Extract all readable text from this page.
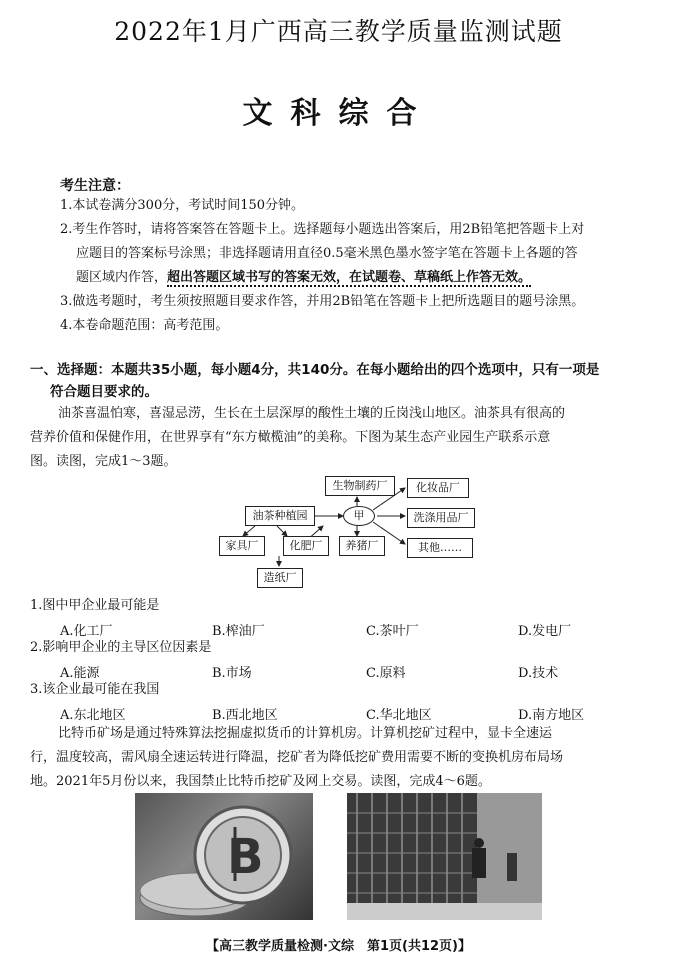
2022年1月广西高三教学质量监测试题
文科综合
考生注意：
1.本试卷满分300分，考试时间150分钟。
2.考生作答时，请将答案答在答题卡上。选择题每小题选出答案后，用2B铅笔把答题卡上对
应题目的答案标号涂黑；非选择题请用直径0.5毫米黑色墨水签字笔在答题卡上各题的答
题区域内作答，超出答题区域书写的答案无效，在试题卷、草稿纸上作答无效。
3.做选考题时，考生须按照题目要求作答，并用2B铅笔在答题卡上把所选题目的题号涂黑。
4.本卷命题范围：高考范围。
一、选择题：本题共35小题，每小题4分，共140分。在每小题给出的四个选项中，只有一项是
符合题目要求的。
油茶喜温怕寒，喜湿忌涝，生长在土层深厚的酸性土壤的丘岗浅山地区。油茶具有很高的
营养价值和保健作用，在世界享有“东方橄榄油”的美称。下图为某生态产业园生产联系示意
图。读图，完成1～3题。
生物制药厂
油茶种植园	甲
家具厂	化肥厂	养猪厂
造纸厂
化妆品厂
洗涤用品厂
其他……
1.图中甲企业最可能是
A.化工厂	B.榨油厂	C.茶叶厂	D.发电厂
2.影响甲企业的主导区位因素是
A.能源	B.市场	C.原料	D.技术
3.该企业最可能在我国
A.东北地区	B.西北地区	C.华北地区	D.南方地区
比特币矿场是通过特殊算法挖掘虚拟货币的计算机房。计算机挖矿过程中，显卡全速运
行，温度较高，需风扇全速运转进行降温，挖矿者为降低挖矿费用需要不断的变换机房布局场
地。2021年5月份以来，我国禁止比特币挖矿及网上交易。读图，完成4～6题。
B
【高三教学质量检测·文综　第1页(共12页)】
